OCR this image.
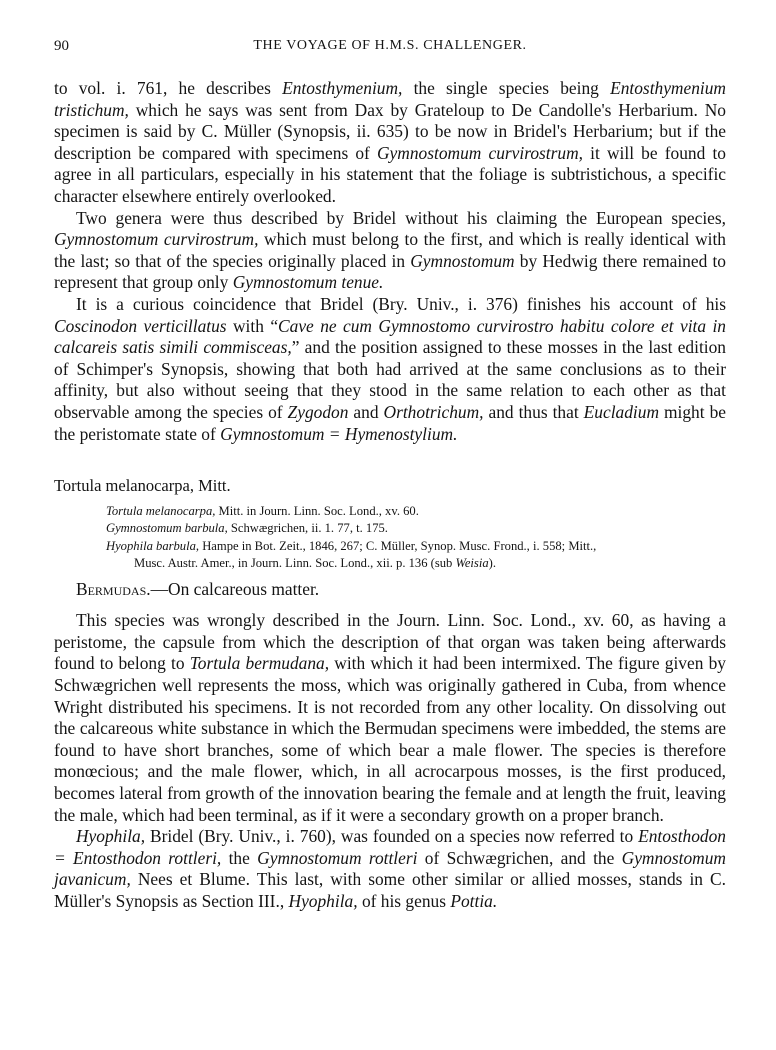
90	THE VOYAGE OF H.M.S. CHALLENGER.

to vol. i. 761, he describes Entosthymenium, the single species being Entosthymenium tristichum, which he says was sent from Dax by Grateloup to De Candolle's Herbarium. No specimen is said by C. Müller (Synopsis, ii. 635) to be now in Bridel's Herbarium; but if the description be compared with specimens of Gymnostomum curvirostrum, it will be found to agree in all particulars, especially in his statement that the foliage is subtristichous, a specific character elsewhere entirely overlooked.

Two genera were thus described by Bridel without his claiming the European species, Gymnostomum curvirostrum, which must belong to the first, and which is really identical with the last; so that of the species originally placed in Gymnostomum by Hedwig there remained to represent that group only Gymnostomum tenue.

It is a curious coincidence that Bridel (Bry. Univ., i. 376) finishes his account of his Coscinodon verticillatus with “Cave ne cum Gymnostomo curvirostro habitu colore et vita in calcareis satis simili commisceas,” and the position assigned to these mosses in the last edition of Schimper's Synopsis, showing that both had arrived at the same conclusions as to their affinity, but also without seeing that they stood in the same relation to each other as that observable among the species of Zygodon and Orthotrichum, and thus that Eucladium might be the peristomate state of Gymnostomum = Hymenostylium.

Tortula melanocarpa, Mitt.

Tortula melanocarpa, Mitt. in Journ. Linn. Soc. Lond., xv. 60.
Gymnostomum barbula, Schwægrichen, ii. 1. 77, t. 175.
Hyophila barbula, Hampe in Bot. Zeit., 1846, 267; C. Müller, Synop. Musc. Frond., i. 558; Mitt.,
Musc. Austr. Amer., in Journ. Linn. Soc. Lond., xii. p. 136 (sub Weisia).

Bermudas.—On calcareous matter.

This species was wrongly described in the Journ. Linn. Soc. Lond., xv. 60, as having a peristome, the capsule from which the description of that organ was taken being afterwards found to belong to Tortula bermudana, with which it had been intermixed. The figure given by Schwægrichen well represents the moss, which was originally gathered in Cuba, from whence Wright distributed his specimens. It is not recorded from any other locality. On dissolving out the calcareous white substance in which the Bermudan specimens were imbedded, the stems are found to have short branches, some of which bear a male flower. The species is therefore monœcious; and the male flower, which, in all acrocarpous mosses, is the first produced, becomes lateral from growth of the innovation bearing the female and at length the fruit, leaving the male, which had been terminal, as if it were a secondary growth on a proper branch.

Hyophila, Bridel (Bry. Univ., i. 760), was founded on a species now referred to Entosthodon = Entosthodon rottleri, the Gymnostomum rottleri of Schwægrichen, and the Gymnostomum javanicum, Nees et Blume. This last, with some other similar or allied mosses, stands in C. Müller's Synopsis as Section III., Hyophila, of his genus Pottia.
